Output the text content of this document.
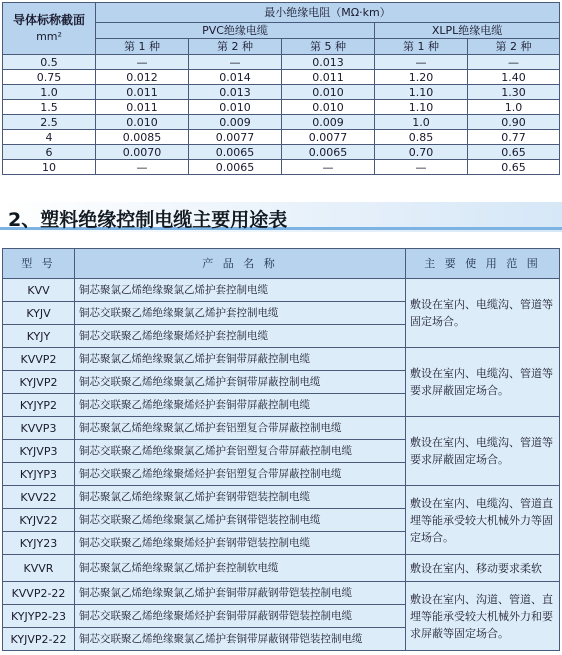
导体标称截面
mm²	最小绝缘电阻（MΩ·km）				
	PVC绝缘电缆			XLPL绝缘电缆	
	第 1 种	第 2 种	第 5 种	第 1 种	第 2 种
0.5	—	—	0.013	—	—
0.75	0.012	0.014	0.011	1.20	1.40
1.0	0.011	0.013	0.010	1.10	1.30
1.5	0.011	0.010	0.010	1.10	1.0
2.5	0.010	0.009	0.009	1.0	0.90
4	0.0085	0.0077	0.0077	0.85	0.77
6	0.0070	0.0065	0.0065	0.70	0.65
10	—	0.0065	—	—	0.65
2、塑料绝缘控制电缆主要用途表
型 号	产 品 名 称	主 要 使 用 范 围
KVV	铜芯聚氯乙烯绝缘聚氯乙烯护套控制电缆	敷设在室内、电缆沟、管道等固定场合。
KYJV	铜芯交联聚乙烯绝缘聚氯乙烯护套控制电缆	
KYJY	铜芯交联聚乙烯绝缘聚烯烃护套控制电缆	
KVVP2	铜芯聚氯乙烯绝缘聚氯乙烯护套铜带屏蔽控制电缆	敷设在室内、电缆沟、管道等要求屏蔽固定场合。
KYJVP2	铜芯交联聚乙烯绝缘聚氯乙烯护套铜带屏蔽控制电缆	
KYJYP2	铜芯交联聚乙烯绝缘聚烯烃护套铜带屏蔽控制电缆	
KVVP3	铜芯聚氯乙烯绝缘聚氯乙烯护套铝塑复合带屏蔽控制电缆	敷设在室内、电缆沟、管道等要求屏蔽固定场合。
KYJVP3	铜芯交联聚乙烯绝缘聚氯乙烯护套铝塑复合带屏蔽控制电缆	
KYJYP3	铜芯交联聚乙烯绝缘聚烯烃护套铝塑复合带屏蔽控制电缆	
KVV22	铜芯聚氯乙烯绝缘聚氯乙烯护套钢带铠装控制电缆	敷设在室内、电缆沟、管道直埋等能承受较大机械外力等固定场合。
KYJV22	铜芯交联聚乙烯绝缘聚氯乙烯护套钢带铠装控制电缆	
KYJY23	铜芯交联聚乙烯绝缘聚烯烃护套钢带铠装控制电缆	
KVVR	铜芯聚氯乙烯绝缘聚氯乙烯护套控制软电缆	敷设在室内、移动要求柔软
KVVP2-22	铜芯聚氯乙烯绝缘聚氯乙烯护套铜带屏蔽钢带铠装控制电缆	敷设在室内、沟道、管道、直埋等能承受较大机械外力和要求屏蔽等固定场合。
KYJYP2-23	铜芯交联聚乙烯绝缘聚烯烃护套铜带屏蔽钢带铠装控制电缆	
KYJVP2-22	铜芯交联聚乙烯绝缘聚氯乙烯护套铜带屏蔽钢带铠装控制电缆	
